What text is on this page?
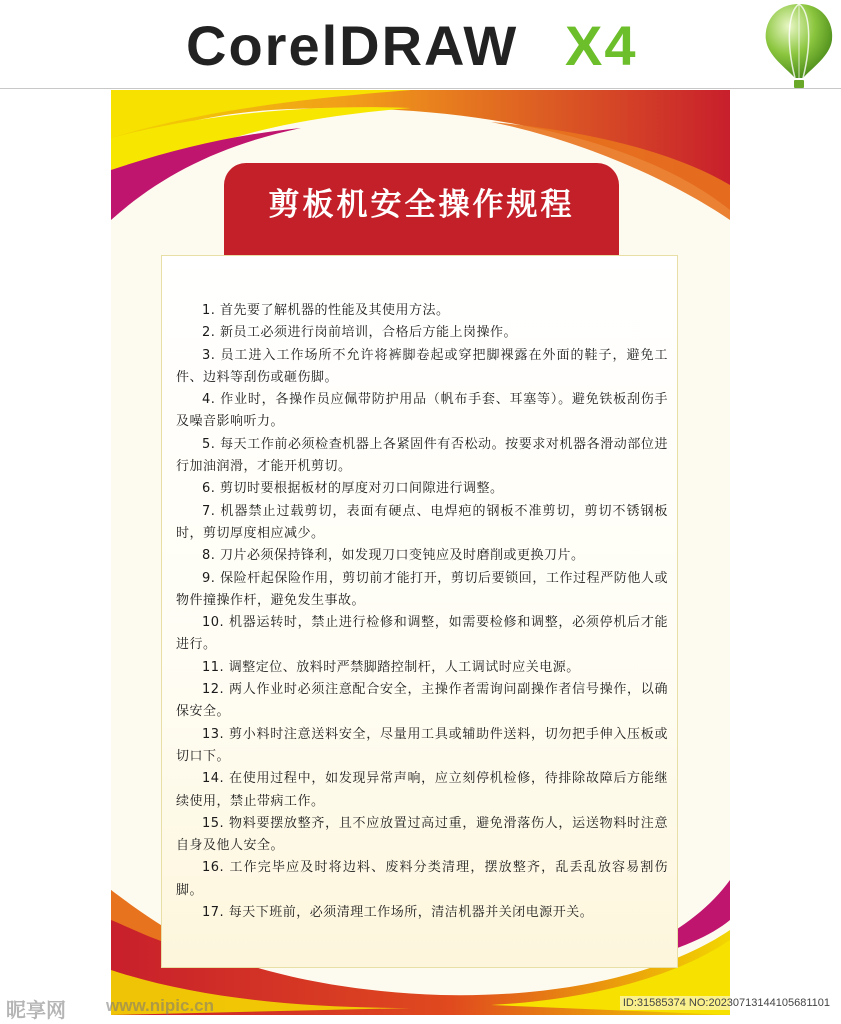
CorelDRAW X4
剪板机安全操作规程
1. 首先要了解机器的性能及其使用方法。
2. 新员工必须进行岗前培训，合格后方能上岗操作。
3. 员工进入工作场所不允许将裤脚卷起或穿把脚裸露在外面的鞋子，避免工件、边料等刮伤或砸伤脚。
4. 作业时，各操作员应佩带防护用品（帆布手套、耳塞等）。避免铁板刮伤手及噪音影响听力。
5. 每天工作前必须检查机器上各紧固件有否松动。按要求对机器各滑动部位进行加油润滑，才能开机剪切。
6. 剪切时要根据板材的厚度对刃口间隙进行调整。
7. 机器禁止过载剪切，表面有硬点、电焊疤的钢板不准剪切，剪切不锈钢板时，剪切厚度相应减少。
8. 刀片必须保持锋利，如发现刀口变钝应及时磨削或更换刀片。
9. 保险杆起保险作用，剪切前才能打开，剪切后要锁回，工作过程严防他人或物件撞操作杆，避免发生事故。
10. 机器运转时，禁止进行检修和调整，如需要检修和调整，必须停机后才能进行。
11. 调整定位、放料时严禁脚踏控制杆，人工调试时应关电源。
12. 两人作业时必须注意配合安全，主操作者需询问副操作者信号操作，以确保安全。
13. 剪小料时注意送料安全，尽量用工具或辅助件送料，切勿把手伸入压板或切口下。
14. 在使用过程中，如发现异常声响，应立刻停机检修，待排除故障后方能继续使用，禁止带病工作。
15. 物料要摆放整齐，且不应放置过高过重，避免滑落伤人，运送物料时注意自身及他人安全。
16. 工作完毕应及时将边料、废料分类清理，摆放整齐，乱丢乱放容易割伤脚。
17. 每天下班前，必须清理工作场所，清洁机器并关闭电源开关。
昵享网 www.nipic.cn	ID:31585374 NO:20230713144105681101
